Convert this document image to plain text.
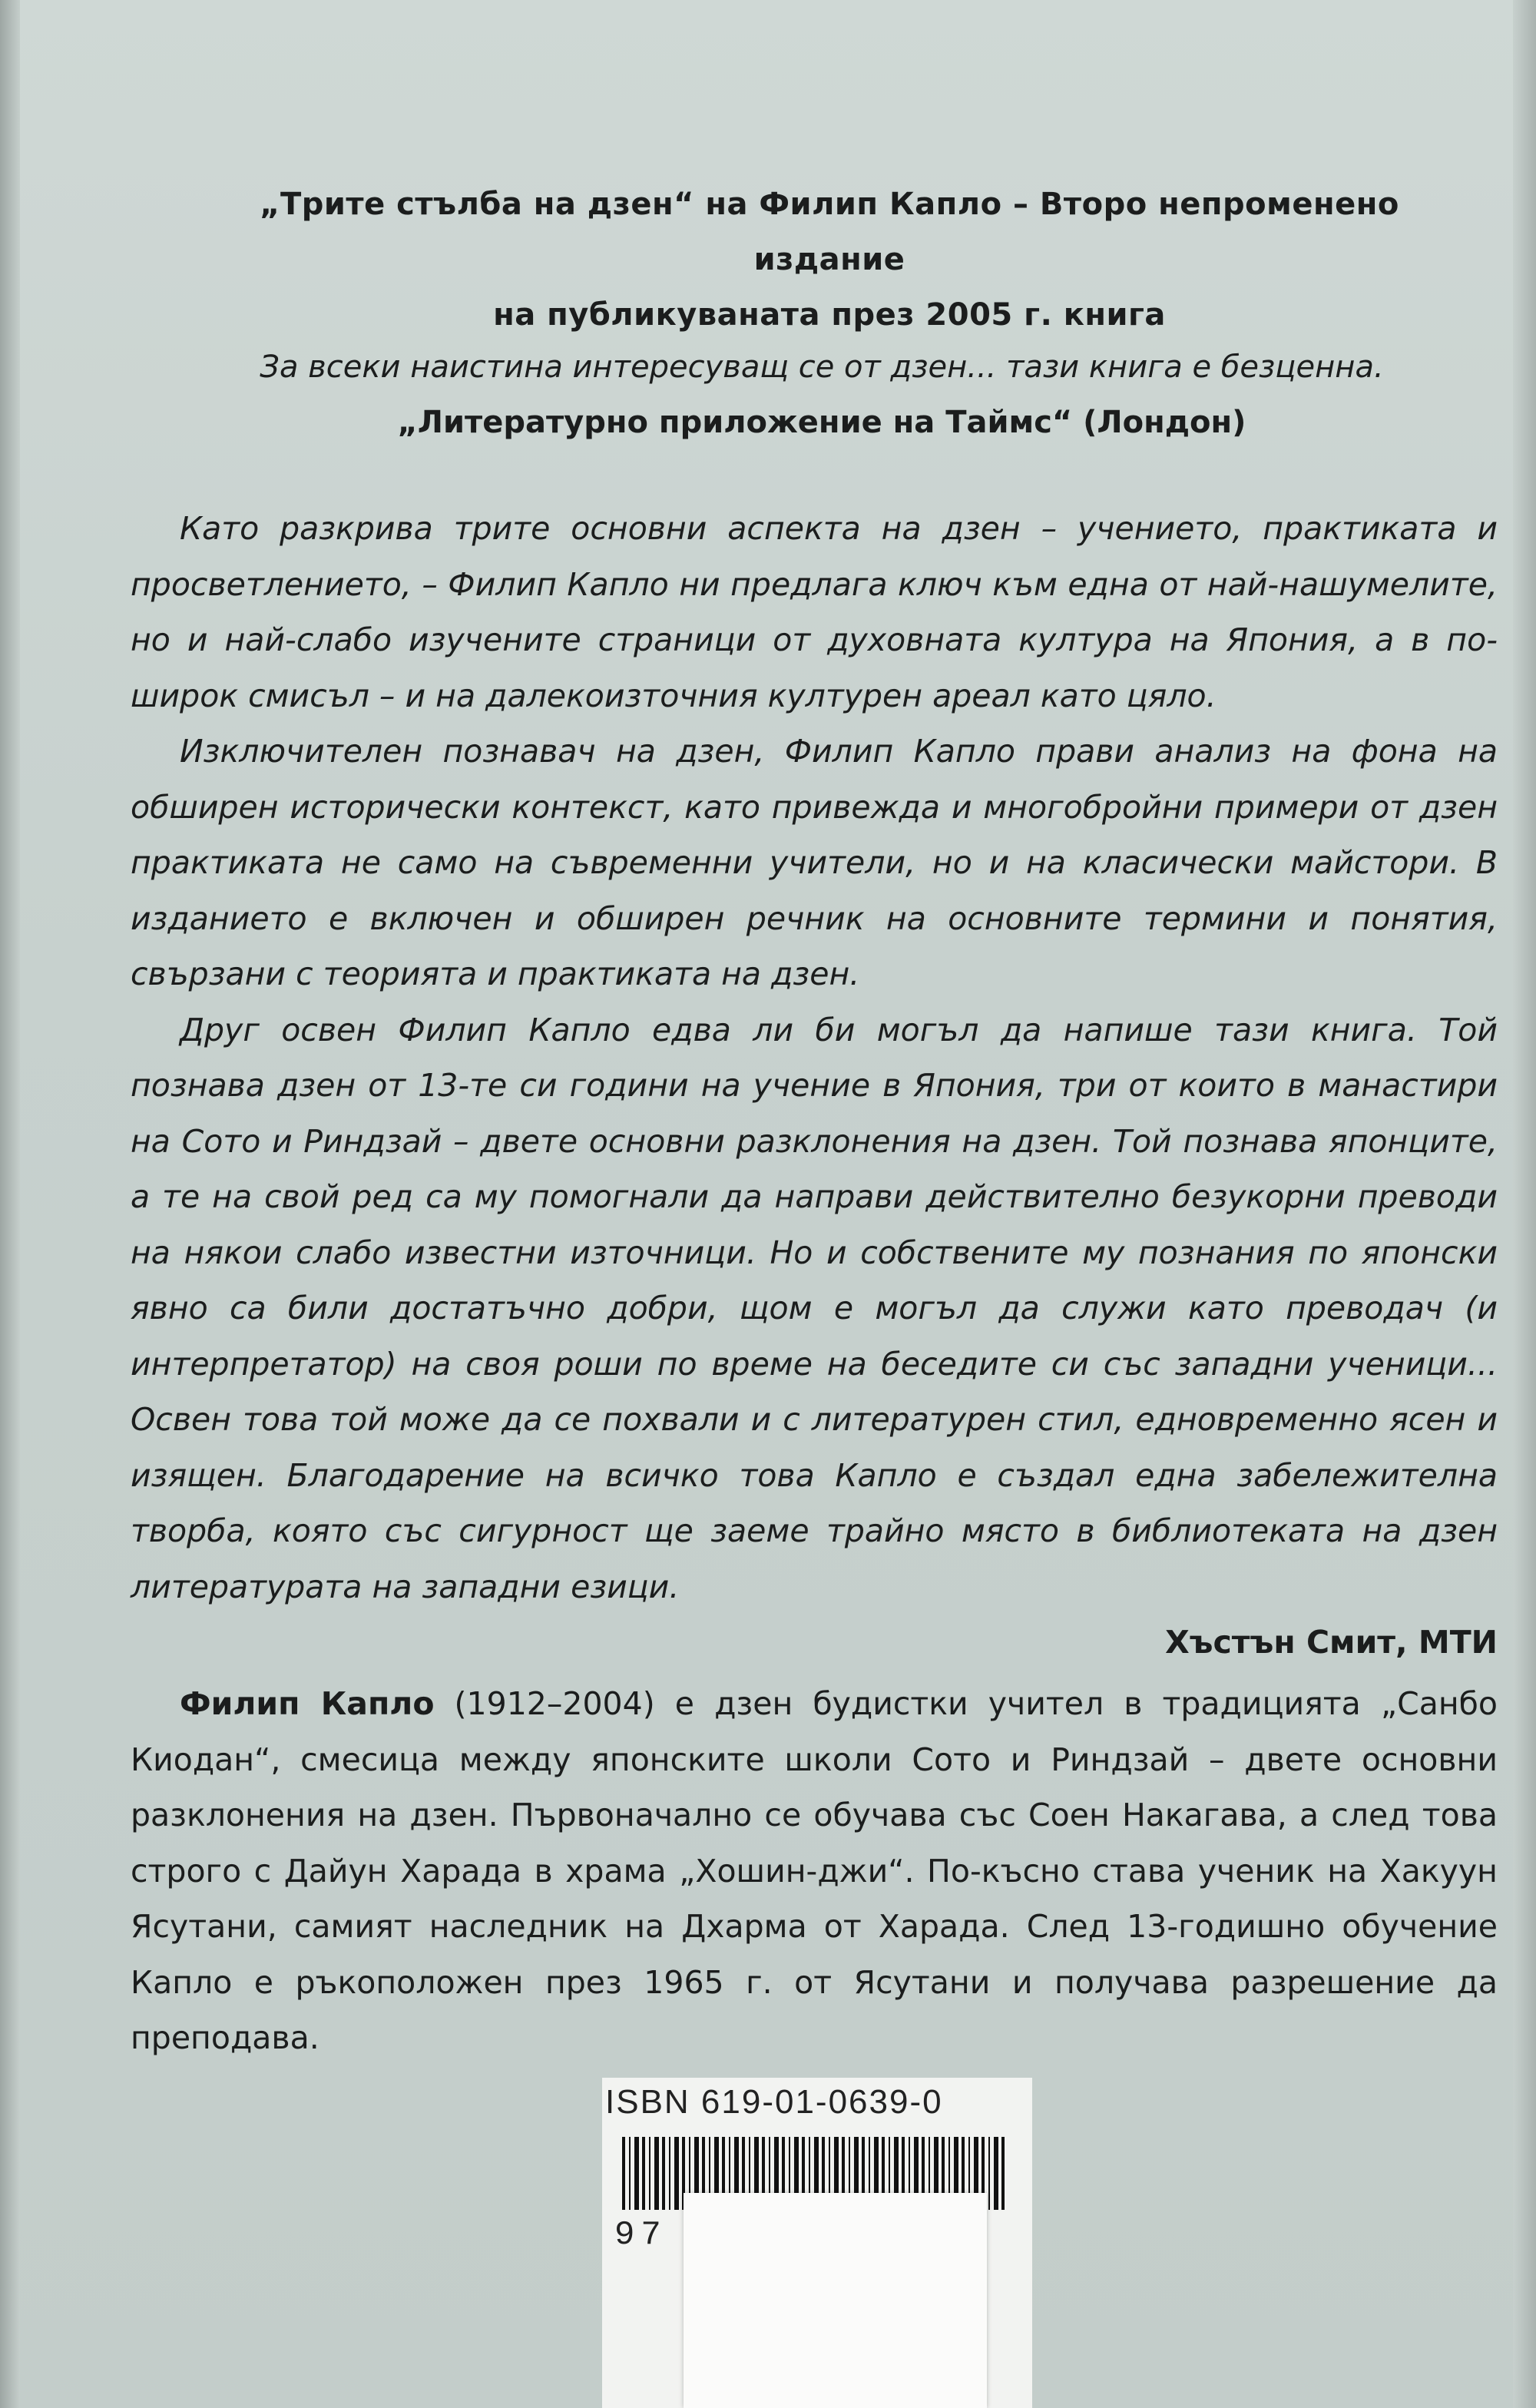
„Трите стълба на дзен“ на Филип Капло – Второ непроменено издание
на публикуваната през 2005 г. книга
За всеки наистина интересуващ се от дзен... тази книга е безценна.
„Литературно приложение на Таймс“ (Лондон)

Като разкрива трите основни аспекта на дзен – учението, практиката и просветлението, – Филип Капло ни предлага ключ към една от най-нашумелите, но и най-слабо изучените страници от духовната култура на Япония, а в по-широк смисъл – и на далекоизточния културен ареал като цяло.

Изключителен познавач на дзен, Филип Капло прави анализ на фона на обширен исторически контекст, като привежда и многобройни примери от дзен практиката не само на съвременни учители, но и на класически майстори. В изданието е включен и обширен речник на основните термини и понятия, свързани с теорията и практиката на дзен.

Друг освен Филип Капло едва ли би могъл да напише тази книга. Той познава дзен от 13-те си години на учение в Япония, три от които в манастири на Сото и Риндзай – двете основни разклонения на дзен. Той познава японците, а те на свой ред са му помогнали да направи действително безукорни преводи на някои слабо известни източници. Но и собствените му познания по японски явно са били достатъчно добри, щом е могъл да служи като преводач (и интерпретатор) на своя роши по време на беседите си със западни ученици... Освен това той може да се похвали и с литературен стил, едновременно ясен и изящен. Благодарение на всичко това Капло е създал една забележителна творба, която със сигурност ще заеме трайно място в библиотеката на дзен литературата на западни езици.

Хъстън Смит, МТИ

Филип Капло (1912–2004) е дзен будистки учител в традицията „Санбо Киодан“, смесица между японските школи Сото и Риндзай – двете основни разклонения на дзен. Първоначално се обучава със Соен Накагава, а след това строго с Дайун Харада в храма „Хошин-джи“. По-късно става ученик на Хакуун Ясутани, самият наследник на Дхарма от Харада. След 13-годишно обучение Капло е ръкоположен през 1965 г. от Ясутани и получава разрешение да преподава.

ISBN 619-01-0639-0
97
